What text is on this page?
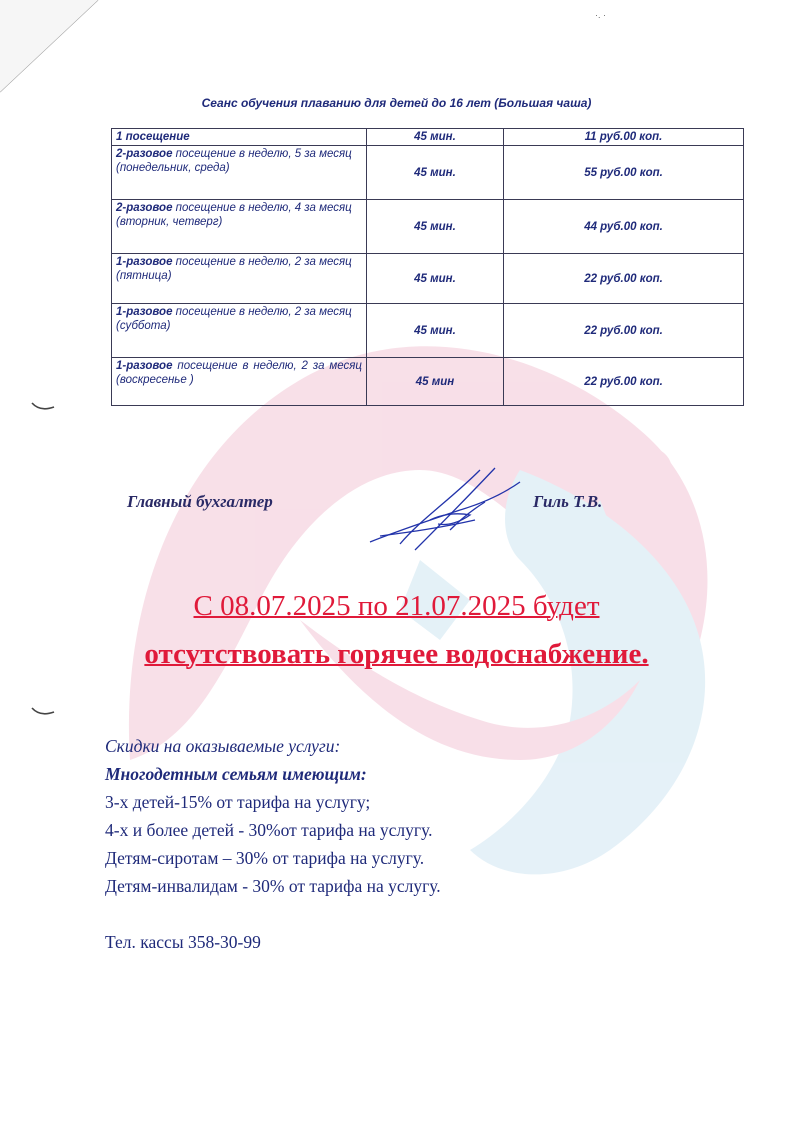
·. ·
Сеанс обучения плаванию для детей до 16 лет (Большая чаша)
1 посещение	45 мин.	11 руб.00 коп.
2-разовое посещение в неделю, 5 за месяц
(понедельник, среда)	45 мин.	55 руб.00 коп.
2-разовое посещение в неделю, 4 за месяц
(вторник, четверг)	45 мин.	44 руб.00 коп.
1-разовое посещение в неделю, 2 за месяц
(пятница)	45 мин.	22 руб.00 коп.
1-разовое посещение в неделю, 2 за месяц
(суббота)	45 мин.	22 руб.00 коп.
1-разовое посещение в неделю, 2 за месяц (воскресенье )	45 мин	22 руб.00 коп.
Главный бухгалтер	Гиль Т.В.
С 08.07.2025 по 21.07.2025 будет
отсутствовать горячее водоснабжение.
Скидки на оказываемые услуги:
Многодетным семьям имеющим:
3-х детей-15% от тарифа на услугу;
4-х и более детей - 30%от тарифа на услугу.
Детям-сиротам – 30% от тарифа на услугу.
Детям-инвалидам - 30% от тарифа на услугу.
Тел. кассы 358-30-99
